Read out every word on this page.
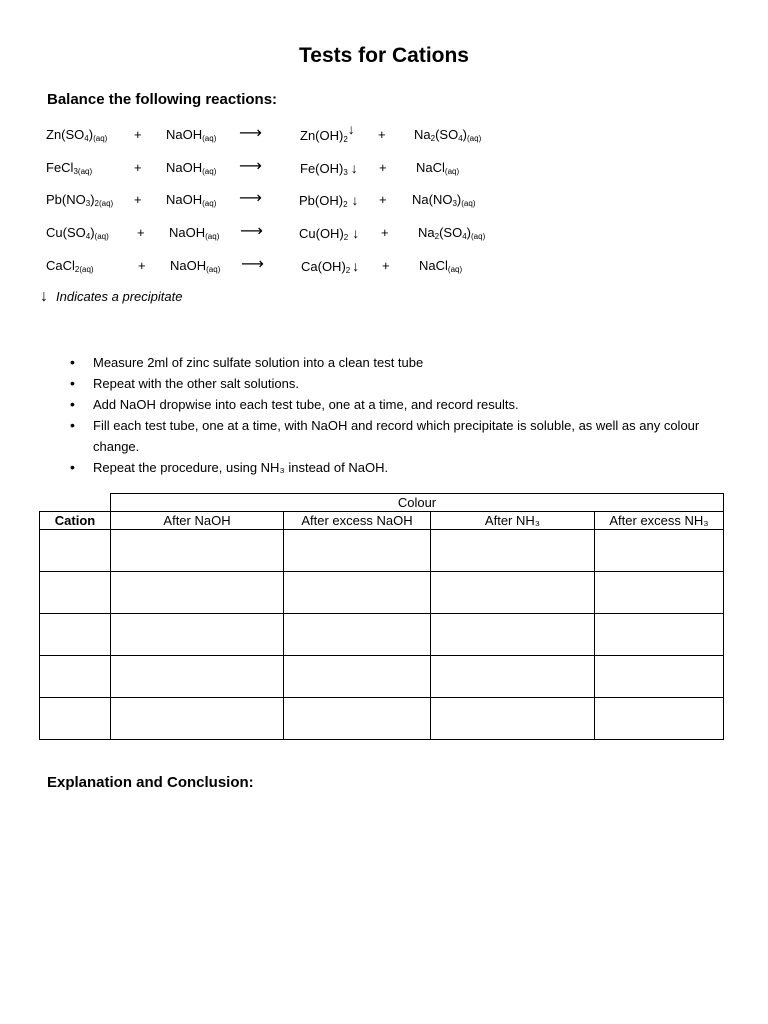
Tests for Cations
Balance the following reactions:
$Zn(SO_4)_{(aq)}$ + NaOH$_{(aq)}$ ⟶	$Zn(OH)_2↓ + Na_2(SO_4)_{(aq)}$
FeCl$_{3(aq)}$	+ NaOH$_{(aq)}$ ⟶	$Fe(OH)_3$ ↓ + NaCl$_{(aq)}$
$Pb(NO_3)_{2(aq)}$ + NaOH$_{(aq)}$ ⟶	$Pb(OH)_2$ ↓ + $Na(NO_3)_{(aq)}$
$Cu(SO_4)_{(aq)}$ + NaOH$_{(aq)}$ ⟶	$Cu(OH)_2$ ↓ + $Na_2(SO_4)_{(aq)}$
CaCl$_{2(aq)}$	+ NaOH$_{(aq)}$ ⟶	$Ca(OH)_2$ ↓ + NaCl$_{(aq)}$
↓ Indicates a precipitate
• Measure 2ml of zinc sulfate solution into a clean test tube
• Repeat with the other salt solutions.
• Add NaOH dropwise into each test tube, one at a time, and record results.
• Fill each test tube, one at a time, with NaOH and record which precipitate is soluble, as well as any colour change.
• Repeat the procedure, using NH₃ instead of NaOH.
	Colour			
Cation	After NaOH	After excess NaOH	After NH₃	After excess NH₃

Explanation and Conclusion:
